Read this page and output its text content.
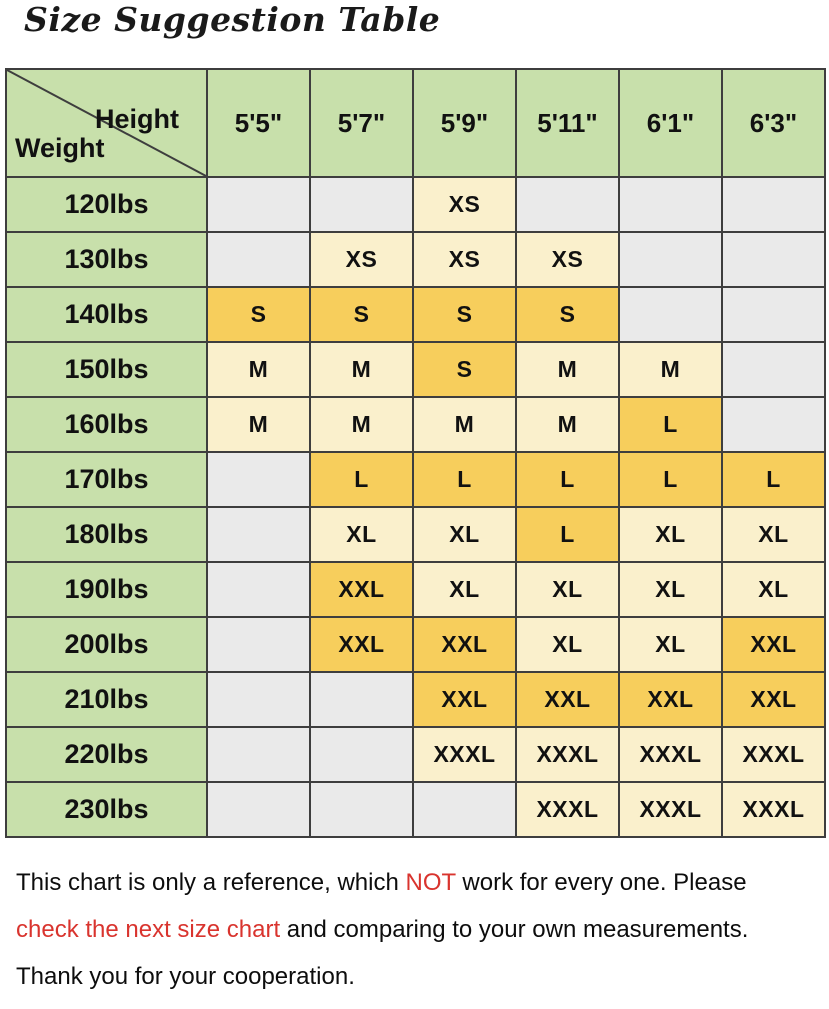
Size Suggestion Table
Height
Weight	5'5"	5'7"	5'9"	5'11"	6'1"	6'3"
120lbs			XS			
130lbs		XS	XS	XS		
140lbs	S	S	S	S		
150lbs	M	M	S	M	M	
160lbs	M	M	M	M	L	
170lbs		L	L	L	L	L
180lbs		XL	XL	L	XL	XL
190lbs		XXL	XL	XL	XL	XL
200lbs		XXL	XXL	XL	XL	XXL
210lbs			XXL	XXL	XXL	XXL
220lbs			XXXL	XXXL	XXXL	XXXL
230lbs				XXXL	XXXL	XXXL
This chart is only a reference, which NOT work for every one. Please
check the next size chart and comparing to your own measurements.
Thank you for your cooperation.
